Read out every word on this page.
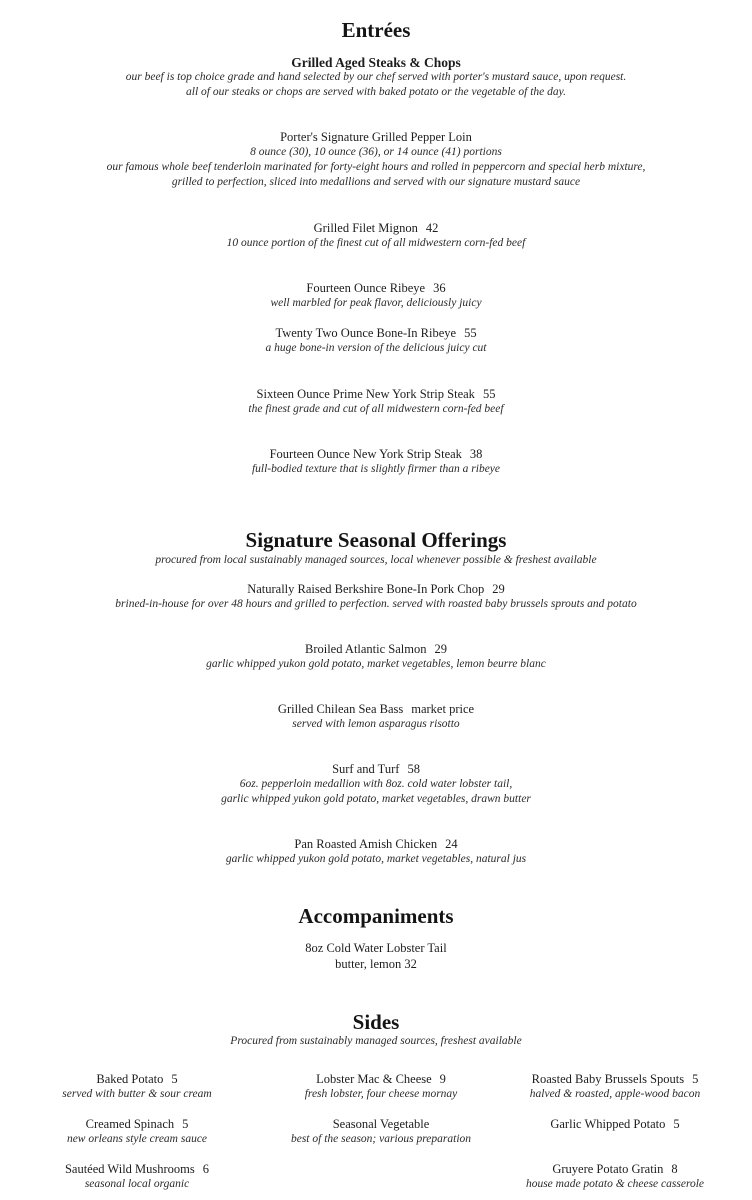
Entrées
Grilled Aged Steaks & Chops
our beef is top choice grade and hand selected by our chef served with porter's mustard sauce, upon request.
all of our steaks or chops are served with baked potato or the vegetable of the day.
Porter's Signature Grilled Pepper Loin
8 ounce (30), 10 ounce (36), or 14 ounce (41) portions
our famous whole beef tenderloin marinated for forty-eight hours and rolled in peppercorn and special herb mixture,
grilled to perfection, sliced into medallions and served with our signature mustard sauce
Grilled Filet Mignon 42
10 ounce portion of the finest cut of all midwestern corn-fed beef
Fourteen Ounce Ribeye 36
well marbled for peak flavor, deliciously juicy
Twenty Two Ounce Bone-In Ribeye 55
a huge bone-in version of the delicious juicy cut
Sixteen Ounce Prime New York Strip Steak 55
the finest grade and cut of all midwestern corn-fed beef
Fourteen Ounce New York Strip Steak 38
full-bodied texture that is slightly firmer than a ribeye
Signature Seasonal Offerings
procured from local sustainably managed sources, local whenever possible & freshest available
Naturally Raised Berkshire Bone-In Pork Chop 29
brined-in-house for over 48 hours and grilled to perfection. served with roasted baby brussels sprouts and potato
Broiled Atlantic Salmon 29
garlic whipped yukon gold potato, market vegetables, lemon beurre blanc
Grilled Chilean Sea Bass market price
served with lemon asparagus risotto
Surf and Turf 58
6oz. pepperloin medallion with 8oz. cold water lobster tail,
garlic whipped yukon gold potato, market vegetables, drawn butter
Pan Roasted Amish Chicken 24
garlic whipped yukon gold potato, market vegetables, natural jus
Accompaniments
8oz Cold Water Lobster Tail
butter, lemon 32
Sides
Procured from sustainably managed sources, freshest available
Baked Potato 5
served with butter & sour cream
Creamed Spinach 5
new orleans style cream sauce
Sautéed Wild Mushrooms 6
seasonal local organic
Lobster Mac & Cheese 9
fresh lobster, four cheese mornay
Seasonal Vegetable
best of the season; various preparation
Roasted Baby Brussels Spouts 5
halved & roasted, apple-wood bacon
Garlic Whipped Potato 5
Gruyere Potato Gratin 8
house made potato & cheese casserole
